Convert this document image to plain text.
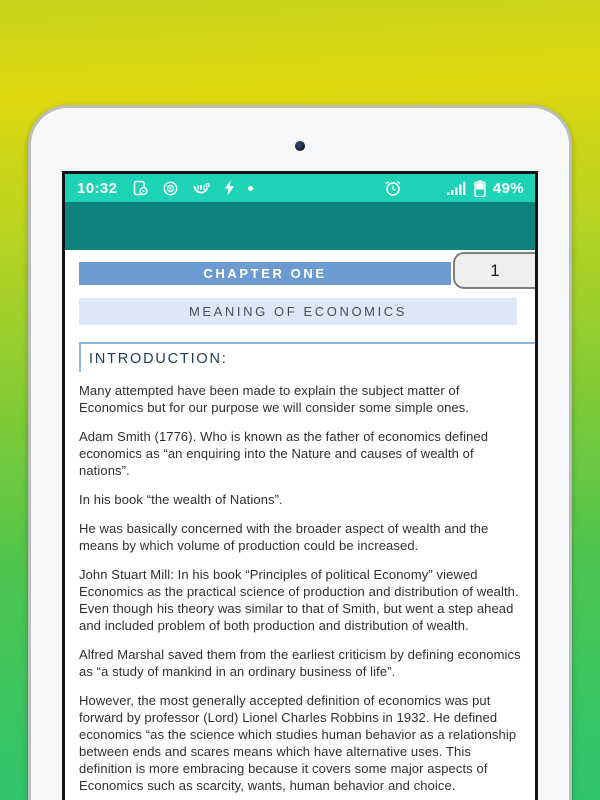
10:32	49%
CHAPTER ONE	1
MEANING OF ECONOMICS
INTRODUCTION:

Many attempted have been made to explain the subject matter of Economics but for our purpose we will consider some simple ones.

Adam Smith (1776). Who is known as the father of economics defined economics as “an enquiring into the Nature and causes of wealth of nations”.

In his book “the wealth of Nations”.

He was basically concerned with the broader aspect of wealth and the means by which volume of production could be increased.

John Stuart Mill: In his book “Principles of political Economy” viewed Economics as the practical science of production and distribution of wealth. Even though his theory was similar to that of Smith, but went a step ahead and included problem of both production and distribution of wealth.

Alfred Marshal saved them from the earliest criticism by defining economics as “a study of mankind in an ordinary business of life”.

However, the most generally accepted definition of economics was put forward by professor (Lord) Lionel Charles Robbins in 1932. He defined economics “as the science which studies human behavior as a relationship between ends and scares means which have alternative uses. This definition is more embracing because it covers some major aspects of Economics such as scarcity, wants, human behavior and choice.
